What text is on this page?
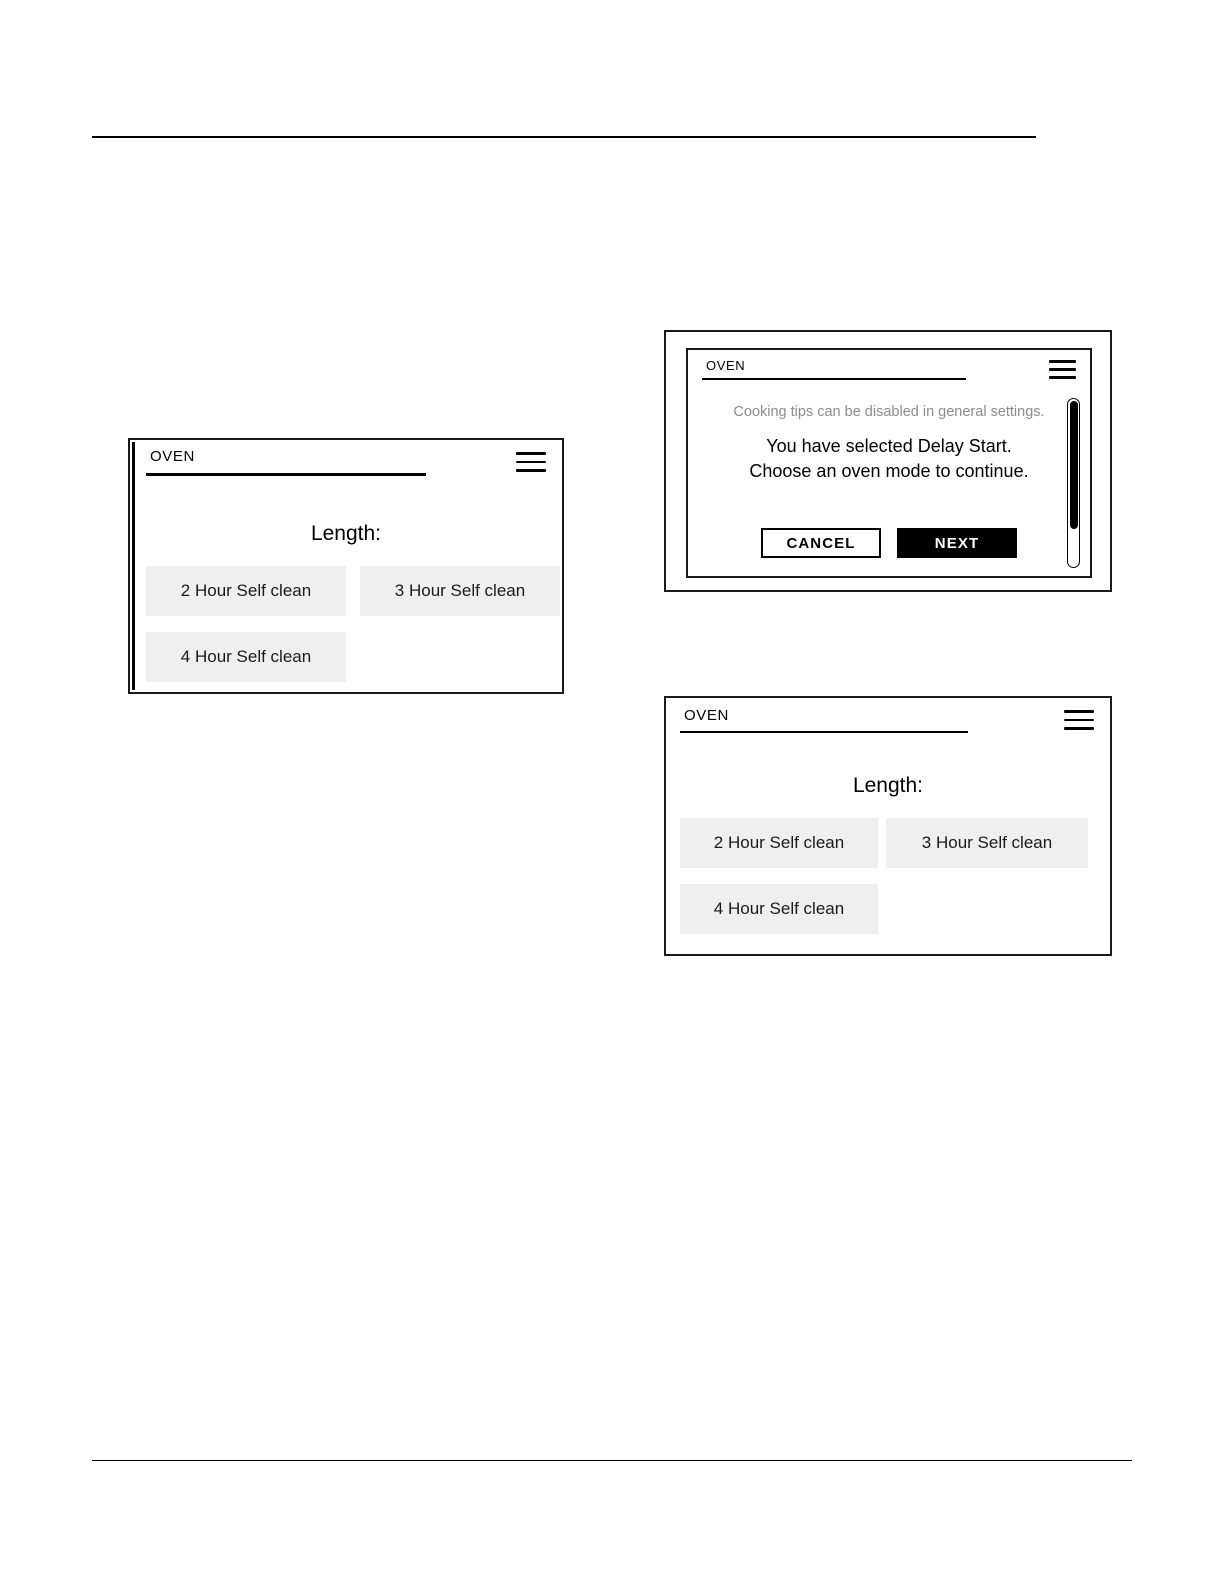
OVEN
Length:
2 Hour Self clean	3 Hour Self clean
4 Hour Self clean
OVEN
Cooking tips can be disabled in general settings.
You have selected Delay Start.
Choose an oven mode to continue.
CANCEL	NEXT
OVEN
Length:
2 Hour Self clean	3 Hour Self clean
4 Hour Self clean
